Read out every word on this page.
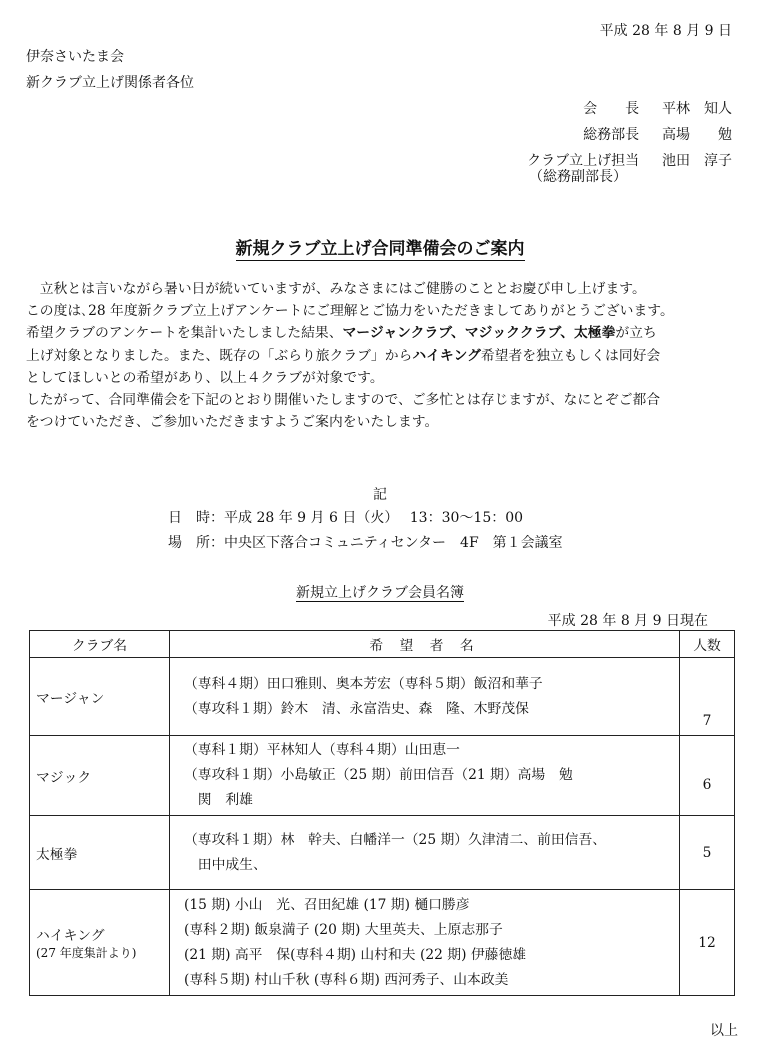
平成 28 年 8 月 9 日
伊奈さいたま会
新クラブ立上げ関係者各位
会　　長 平林　知人
総務部長 高場　　勉
クラブ立上げ担当 池田　淳子
（総務副部長）
新規クラブ立上げ合同準備会のご案内

　立秋とは言いながら暑い日が続いていますが、みなさまにはご健勝のこととお慶び申し上げます。

この度は､28 年度新クラブ立上げアンケートにご理解とご協力をいただきましてありがとうございます。

希望クラブのアンケートを集計いたしました結果、マージャンクラブ、マジッククラブ、太極拳が立ち

上げ対象となりました。また、既存の「ぶらり旅クラブ」からハイキング希望者を独立もしくは同好会

としてほしいとの希望があり、以上４クラブが対象です。

したがって、合同準備会を下記のとおり開催いたしますので、ご多忙とは存じますが、なにとぞご都合

をつけていただき、ご参加いただきますようご案内をいたします。

記
日　時：平成 28 年 9 月 6 日（火）　 13：30～15：00
場　所：中央区下落合コミュニティセンター　4F　第１会議室
新規立上げクラブ会員名簿
平成 28 年 8 月 9 日現在
クラブ名	希 望 者 名	人数
マージャン	（専科４期）田口雅則、奥本芳宏（専科５期）飯沼和華子
（専攻科１期）鈴木　清、永富浩史、森　隆、木野茂保	7
マジック	（専科１期）平林知人（専科４期）山田恵一
（専攻科１期）小島敏正（25 期）前田信吾（21 期）高場　勉
　関　利雄	6
太極拳	（専攻科１期）林　幹夫、白幡洋一（25 期）久津清二、前田信吾、
　田中成生、	5

ハイキング
(27 年度集計より)	(15 期) 小山　光、召田紀雄 (17 期) 樋口勝彦
(専科２期) 飯泉満子 (20 期) 大里英夫、上原志那子
(21 期) 高平　保(専科４期) 山村和夫 (22 期) 伊藤徳雄
(専科５期) 村山千秋 (専科６期) 西河秀子、山本政美	12
以上
